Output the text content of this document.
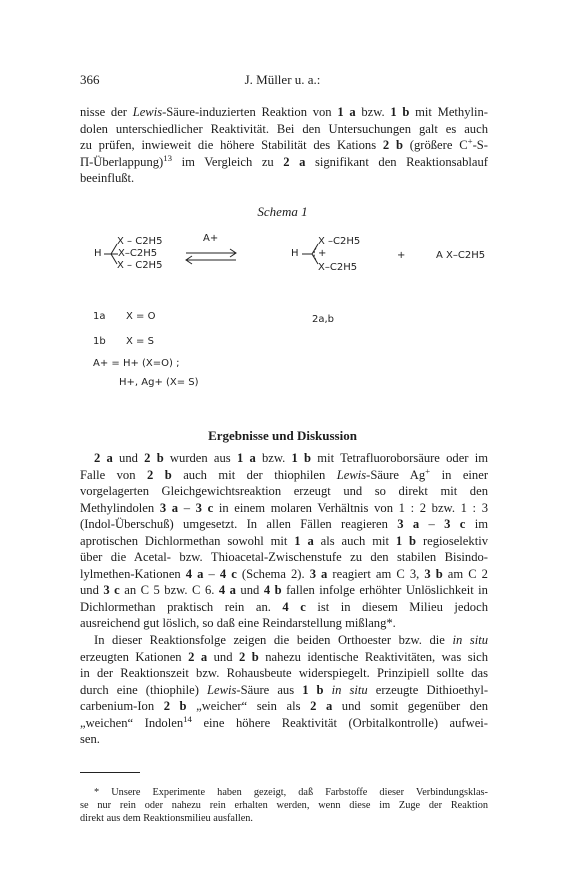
366	J. Müller u. a.:
nisse der Lewis-Säure-induzierten Reaktion von 1 a bzw. 1 b mit Methylin-
dolen unterschiedlicher Reaktivität. Bei den Untersuchungen galt es auch
zu prüfen, inwieweit die höhere Stabilität des Kations 2 b (größere C+-S-
Π-Überlappung)$^{13}$ im Vergleich zu 2 a signifikant den Reaktionsablauf
beeinflußt.
Schema 1
H
X – C2H5
X–C2H5
X – C2H5
A+
H
X –C2H5
+
X–C2H5
+	A X–C2H5
1a X = O
1b X = S
2a,b
A+ = H+ (X=O) ;
H+, Ag+ (X= S)
Ergebnisse und Diskussion
2 a und 2 b wurden aus 1 a bzw. 1 b mit Tetrafluoroborsäure oder im
Falle von 2 b auch mit der thiophilen Lewis-Säure Ag+ in einer
vorgelagerten Gleichgewichtsreaktion erzeugt und so direkt mit den
Methylindolen 3 a – 3 c in einem molaren Verhältnis von 1 : 2 bzw. 1 : 3
(Indol-Überschuß) umgesetzt. In allen Fällen reagieren 3 a – 3 c im
aprotischen Dichlormethan sowohl mit 1 a als auch mit 1 b regioselektiv
über die Acetal- bzw. Thioacetal-Zwischenstufe zu den stabilen Bisindo-
lylmethen-Kationen 4 a – 4 c (Schema 2). 3 a reagiert am C 3, 3 b am C 2
und 3 c an C 5 bzw. C 6. 4 a und 4 b fallen infolge erhöhter Unlöslichkeit in
Dichlormethan praktisch rein an. 4 c ist in diesem Milieu jedoch
ausreichend gut löslich, so daß eine Reindarstellung mißlang*.
In dieser Reaktionsfolge zeigen die beiden Orthoester bzw. die in situ
erzeugten Kationen 2 a und 2 b nahezu identische Reaktivitäten, was sich
in der Reaktionszeit bzw. Rohausbeute widerspiegelt. Prinzipiell sollte das
durch eine (thiophile) Lewis-Säure aus 1 b in situ erzeugte Dithioethyl-
carbenium-Ion 2 b „weicher“ sein als 2 a und somit gegenüber den
„weichen“ Indolen$^{14}$ eine höhere Reaktivität (Orbitalkontrolle) aufwei-
sen.
* Unsere Experimente haben gezeigt, daß Farbstoffe dieser Verbindungsklas-
se nur rein oder nahezu rein erhalten werden, wenn diese im Zuge der Reaktion
direkt aus dem Reaktionsmilieu ausfallen.
